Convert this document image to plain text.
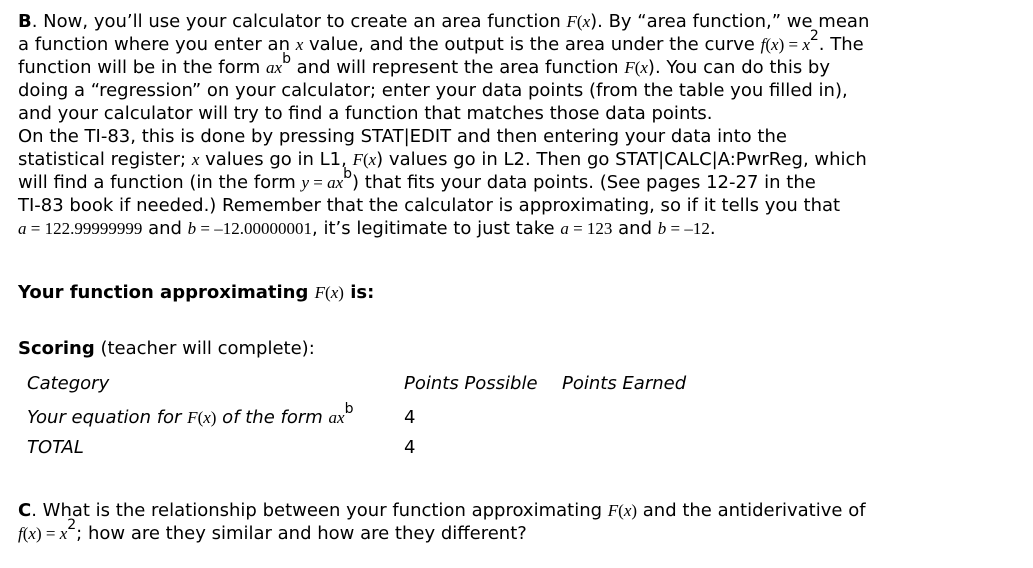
B. Now, you’ll use your calculator to create an area function F(x). By “area function,” we mean
a function where you enter an x value, and the output is the area under the curve $f(x) = x^2$. The
function will be in the form $ax^b$ and will represent the area function F(x). You can do this by
doing a “regression” on your calculator; enter your data points (from the table you filled in),
and your calculator will try to find a function that matches those data points.
On the TI-83, this is done by pressing STAT|EDIT and then entering your data into the
statistical register; x values go in L1, F(x) values go in L2. Then go STAT|CALC|A:PwrReg, which
will find a function (in the form $y = ax^b$) that fits your data points. (See pages 12-27 in the
TI-83 book if needed.) Remember that the calculator is approximating, so if it tells you that
a = 122.99999999 and b = –12.00000001, it’s legitimate to just take a = 123 and b = –12.
Your function approximating F(x) is:
Scoring (teacher will complete):
Category	Points Possible Points Earned
Your equation for F(x) of the form $ax^b$	4
TOTAL	4
C. What is the relationship between your function approximating F(x) and the antiderivative of
$f(x) = x^2$; how are they similar and how are they different?
